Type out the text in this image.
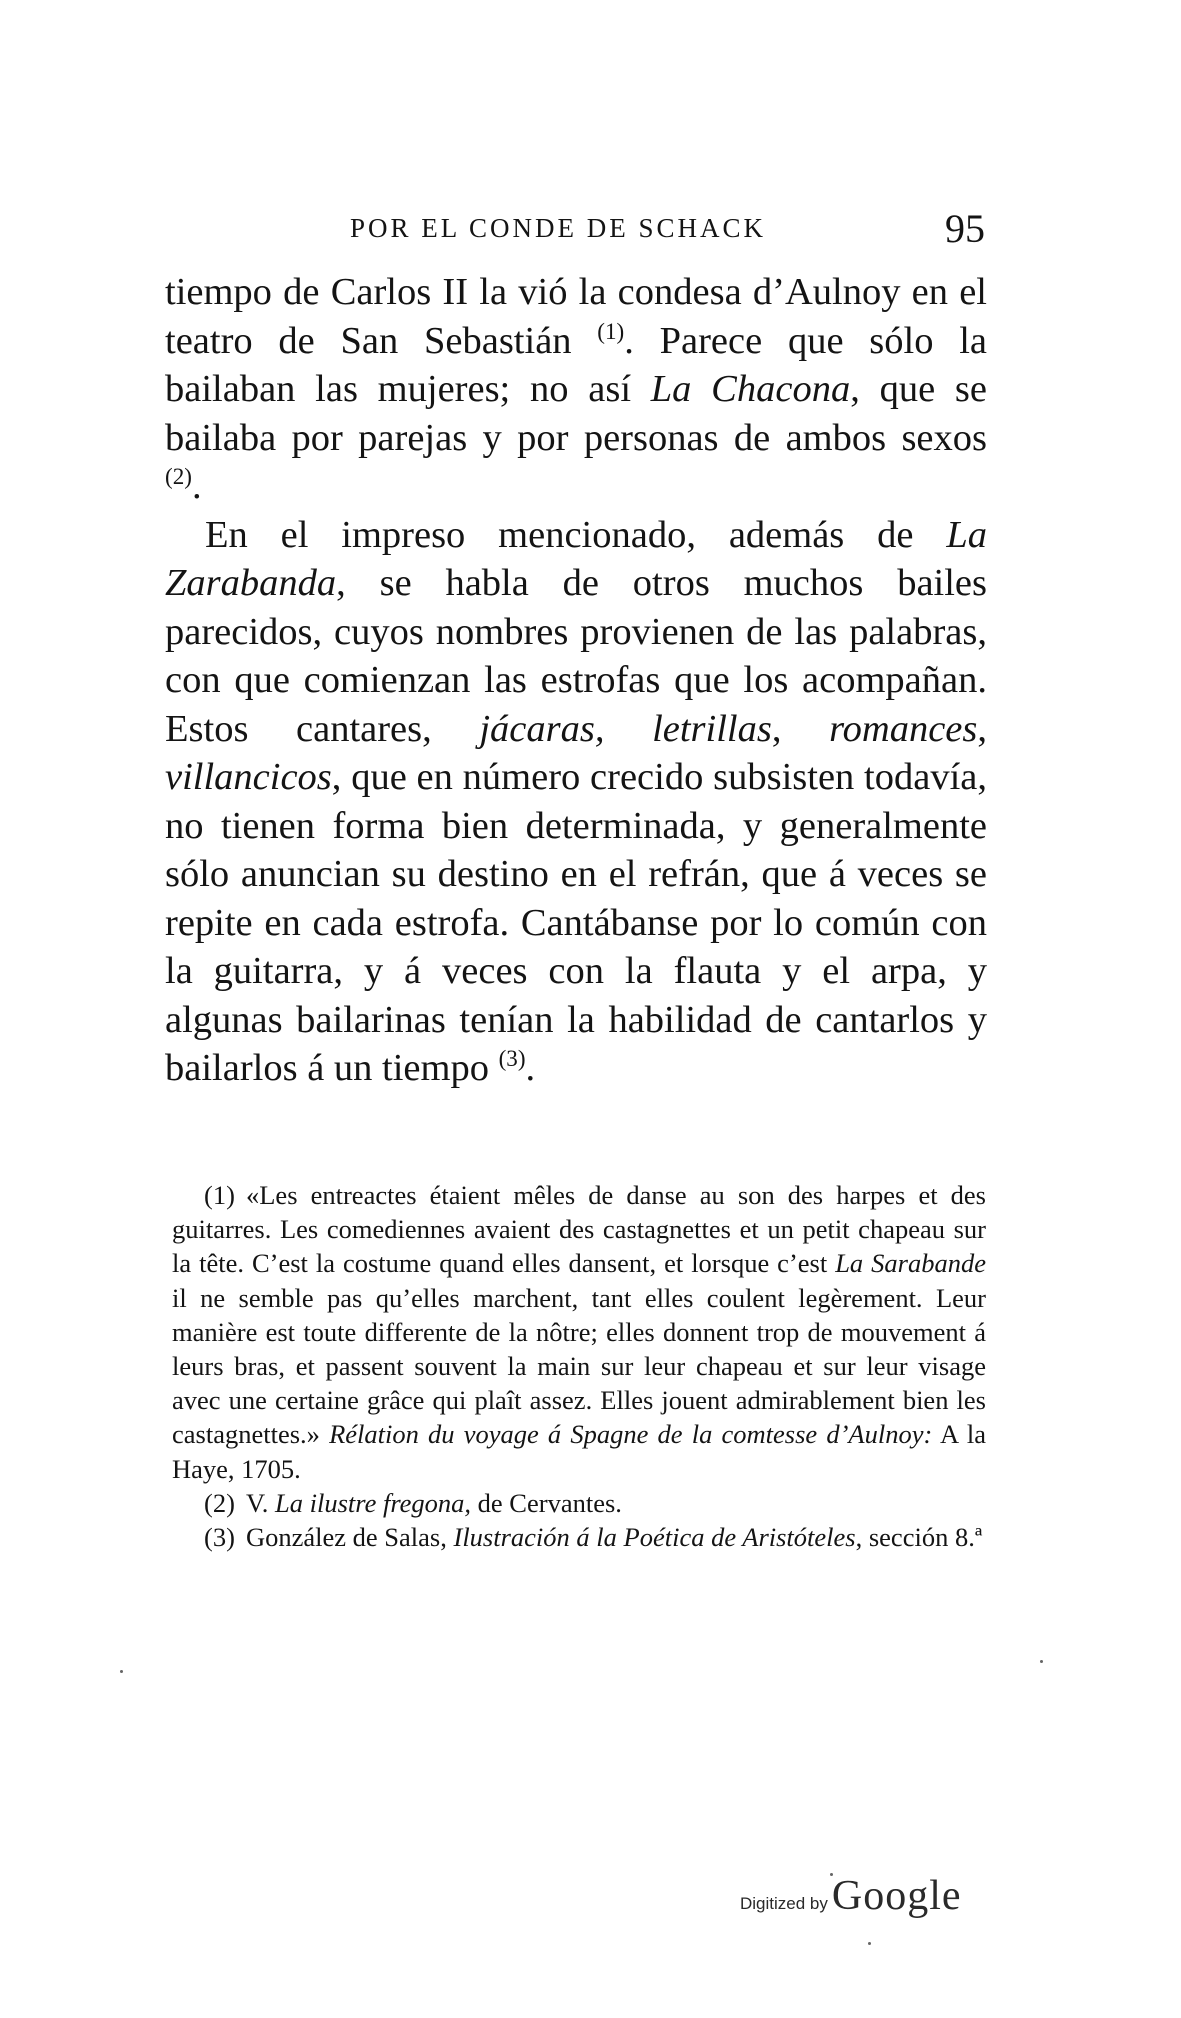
POR EL CONDE DE SCHACK	95

tiempo de Carlos II la vió la condesa d’Aulnoy en el teatro de San Sebastián $^{(1)}$. Parece que sólo la bailaban las mujeres; no así La Chacona, que se bailaba por parejas y por personas de ambos sexos $^{(2)}$.

En el impreso mencionado, además de La Zarabanda, se habla de otros muchos bailes parecidos, cuyos nombres provienen de las palabras, con que comienzan las estrofas que los acompañan. Estos cantares, jácaras, letrillas, romances, villancicos, que en número crecido subsisten todavía, no tienen forma bien determinada, y generalmente sólo anuncian su destino en el refrán, que á veces se repite en cada estrofa. Cantábanse por lo común con la guitarra, y á veces con la flauta y el arpa, y algunas bailarinas tenían la habilidad de cantarlos y bailarlos á un tiempo $^{(3)}$.

(1) «Les entreactes étaient mêles de danse au son des harpes et des guitarres. Les comediennes avaient des castagnettes et un petit chapeau sur la tête. C’est la costume quand elles dansent, et lorsque c’est La Sarabande il ne semble pas qu’elles marchent, tant elles coulent legèrement. Leur manière est toute differente de la nôtre; elles donnent trop de mouvement á leurs bras, et passent souvent la main sur leur chapeau et sur leur visage avec une certaine grâce qui plaît assez. Elles jouent admirablement bien les castagnettes.» Rélation du voyage á Spagne de la comtesse d’Aulnoy: A la Haye, 1705.

(2) V. La ilustre fregona, de Cervantes.

(3) González de Salas, Ilustración á la Poética de Aristóteles, sección 8.ª

Digitized by Google
